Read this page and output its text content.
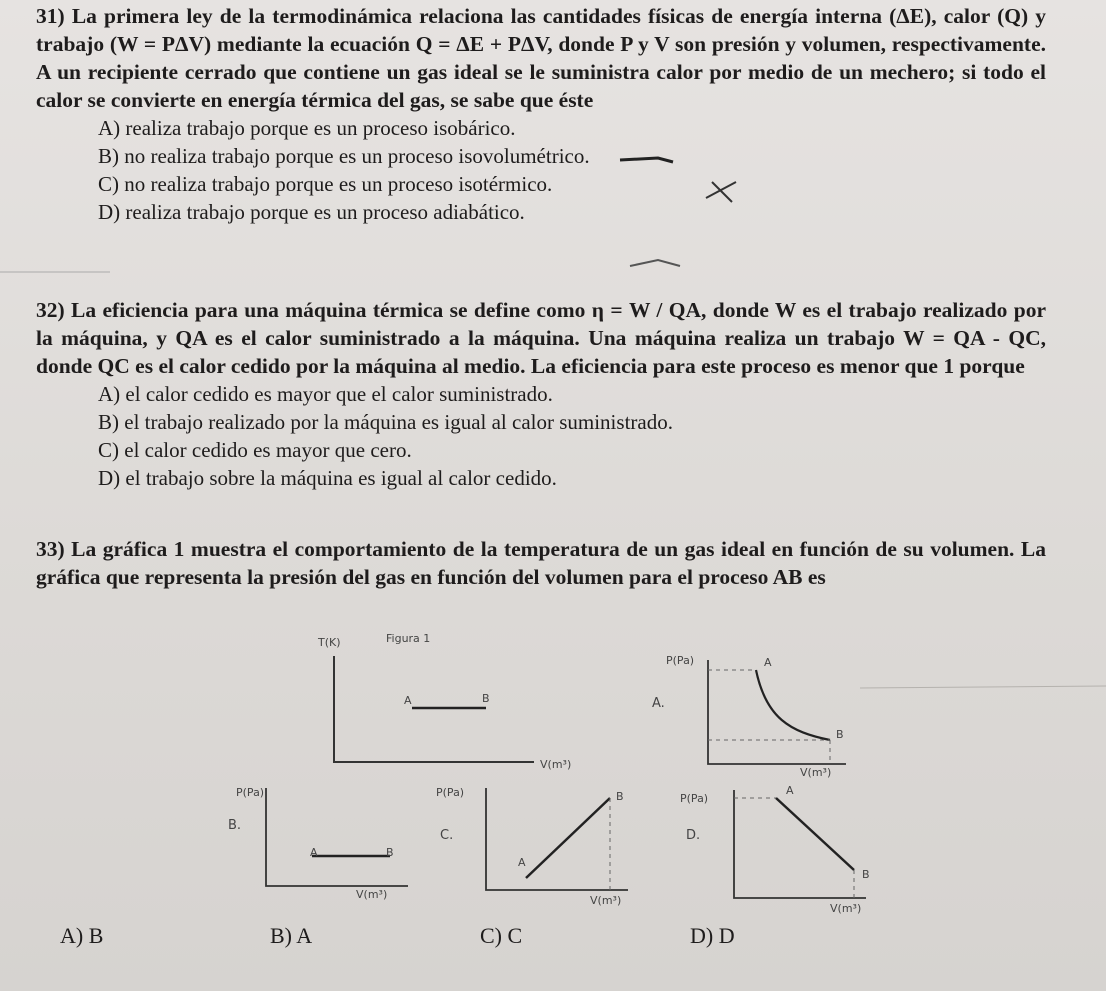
31) La primera ley de la termodinámica relaciona las cantidades físicas de energía interna (ΔE), calor (Q) y trabajo (W = PΔV) mediante la ecuación Q = ΔE + PΔV, donde P y V son presión y volumen, respectivamente. A un recipiente cerrado que contiene un gas ideal se le suministra calor por medio de un mechero; si todo el calor se convierte en energía térmica del gas, se sabe que éste
A) realiza trabajo porque es un proceso isobárico.
B) no realiza trabajo porque es un proceso isovolumétrico.
C) no realiza trabajo porque es un proceso isotérmico.
D) realiza trabajo porque es un proceso adiabático.
32) La eficiencia para una máquina térmica se define como η = W / QA, donde W es el trabajo realizado por la máquina, y QA es el calor suministrado a la máquina. Una máquina realiza un trabajo W = QA - QC, donde QC es el calor cedido por la máquina al medio. La eficiencia para este proceso es menor que 1 porque
A) el calor cedido es mayor que el calor suministrado.
B) el trabajo realizado por la máquina es igual al calor suministrado.
C) el calor cedido es mayor que cero.
D) el trabajo sobre la máquina es igual al calor cedido.
33) La gráfica 1 muestra el comportamiento de la temperatura de un gas ideal en función de su volumen. La gráfica que representa la presión del gas en función del volumen para el proceso AB es
T(K)	Figura 1
A	B
V(m³)
P(Pa)
A.
A
B
V(m³)
P(Pa)
B.
A	B
V(m³)
P(Pa)
C.
A
B
V(m³)
P(Pa)
D.
A
B
V(m³)
A) B	B) A	C) C	D) D
